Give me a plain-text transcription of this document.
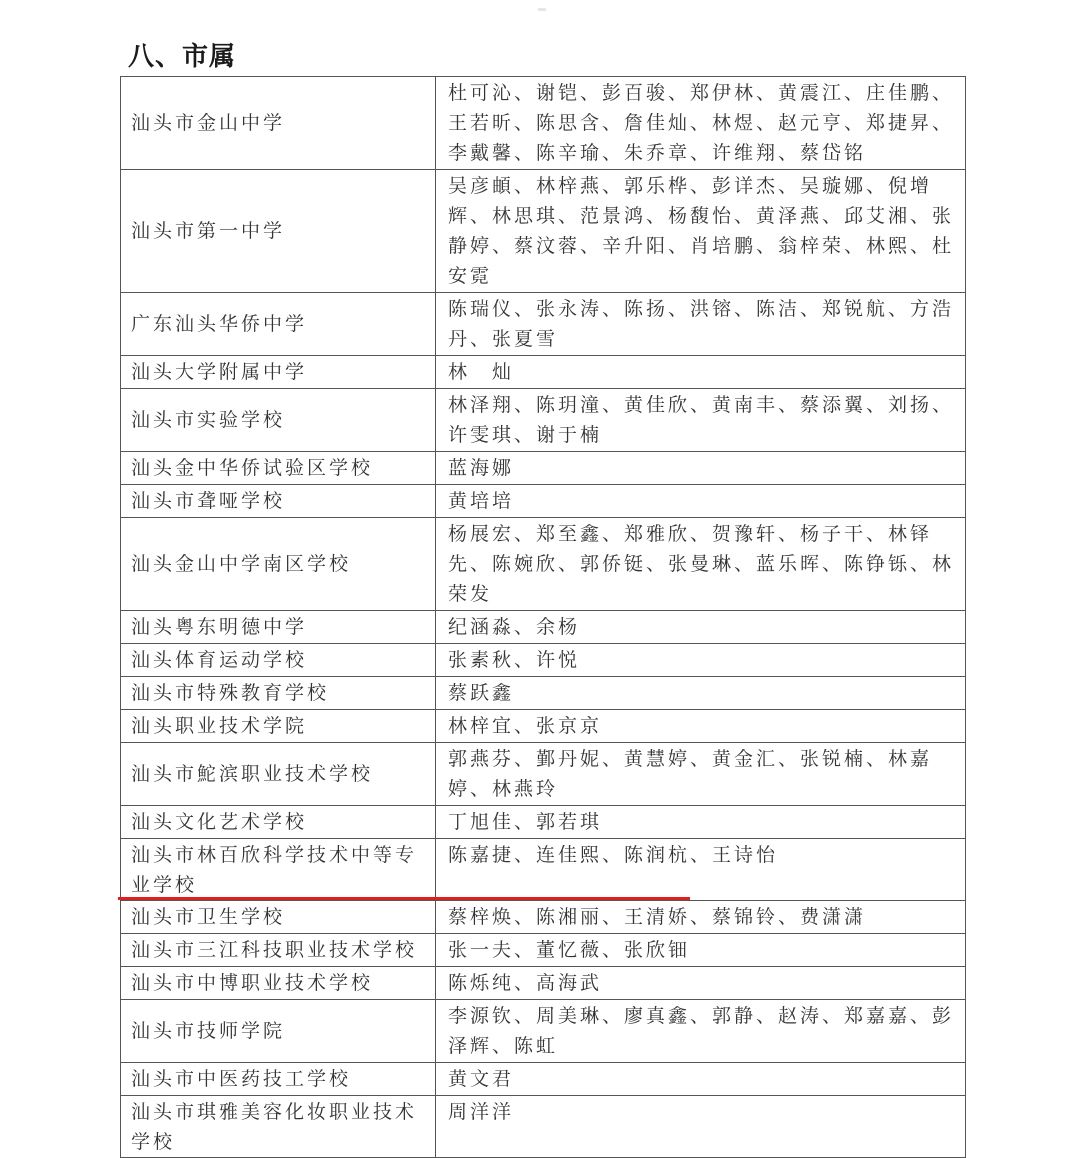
八、市属
汕头市金山中学	杜可沁、谢铠、彭百骏、郑伊林、黄震江、庄佳鹏、王若昕、陈思含、詹佳灿、林煜、赵元亨、郑捷昇、李戴馨、陈辛瑜、朱乔章、许维翔、蔡岱铭
汕头市第一中学	吴彦頔、林梓燕、郭乐桦、彭详杰、吴璇娜、倪增辉、林思琪、范景鸿、杨馥怡、黄泽燕、邱艾湘、张静婷、蔡汶蓉、辛升阳、肖培鹏、翁梓荣、林熙、杜安霓
广东汕头华侨中学	陈瑞仪、张永涛、陈扬、洪镕、陈洁、郑锐航、方浩丹、张夏雪
汕头大学附属中学	林　灿
汕头市实验学校	林泽翔、陈玥潼、黄佳欣、黄南丰、蔡添翼、刘扬、许雯琪、谢于楠
汕头金中华侨试验区学校	蓝海娜
汕头市聋哑学校	黄培培
汕头金山中学南区学校	杨展宏、郑至鑫、郑雅欣、贺豫轩、杨子干、林铎先、陈婉欣、郭侨铤、张曼琳、蓝乐晖、陈铮铄、林荣发
汕头粤东明德中学	纪涵淼、余杨
汕头体育运动学校	张素秋、许悦
汕头市特殊教育学校	蔡跃鑫
汕头职业技术学院	林梓宜、张京京
汕头市鮀滨职业技术学校	郭燕芬、鄞丹妮、黄慧婷、黄金汇、张锐楠、林嘉婷、林燕玲
汕头文化艺术学校	丁旭佳、郭若琪
汕头市林百欣科学技术中等专业学校	陈嘉捷、连佳熙、陈润杭、王诗怡
汕头市卫生学校	蔡梓焕、陈湘丽、王清娇、蔡锦铃、费潇潇
汕头市三江科技职业技术学校	张一夫、董忆薇、张欣钿
汕头市中博职业技术学校	陈烁纯、高海武
汕头市技师学院	李源钦、周美琳、廖真鑫、郭静、赵涛、郑嘉嘉、彭泽辉、陈虹
汕头市中医药技工学校	黄文君
汕头市琪雅美容化妆职业技术学校	周洋洋
